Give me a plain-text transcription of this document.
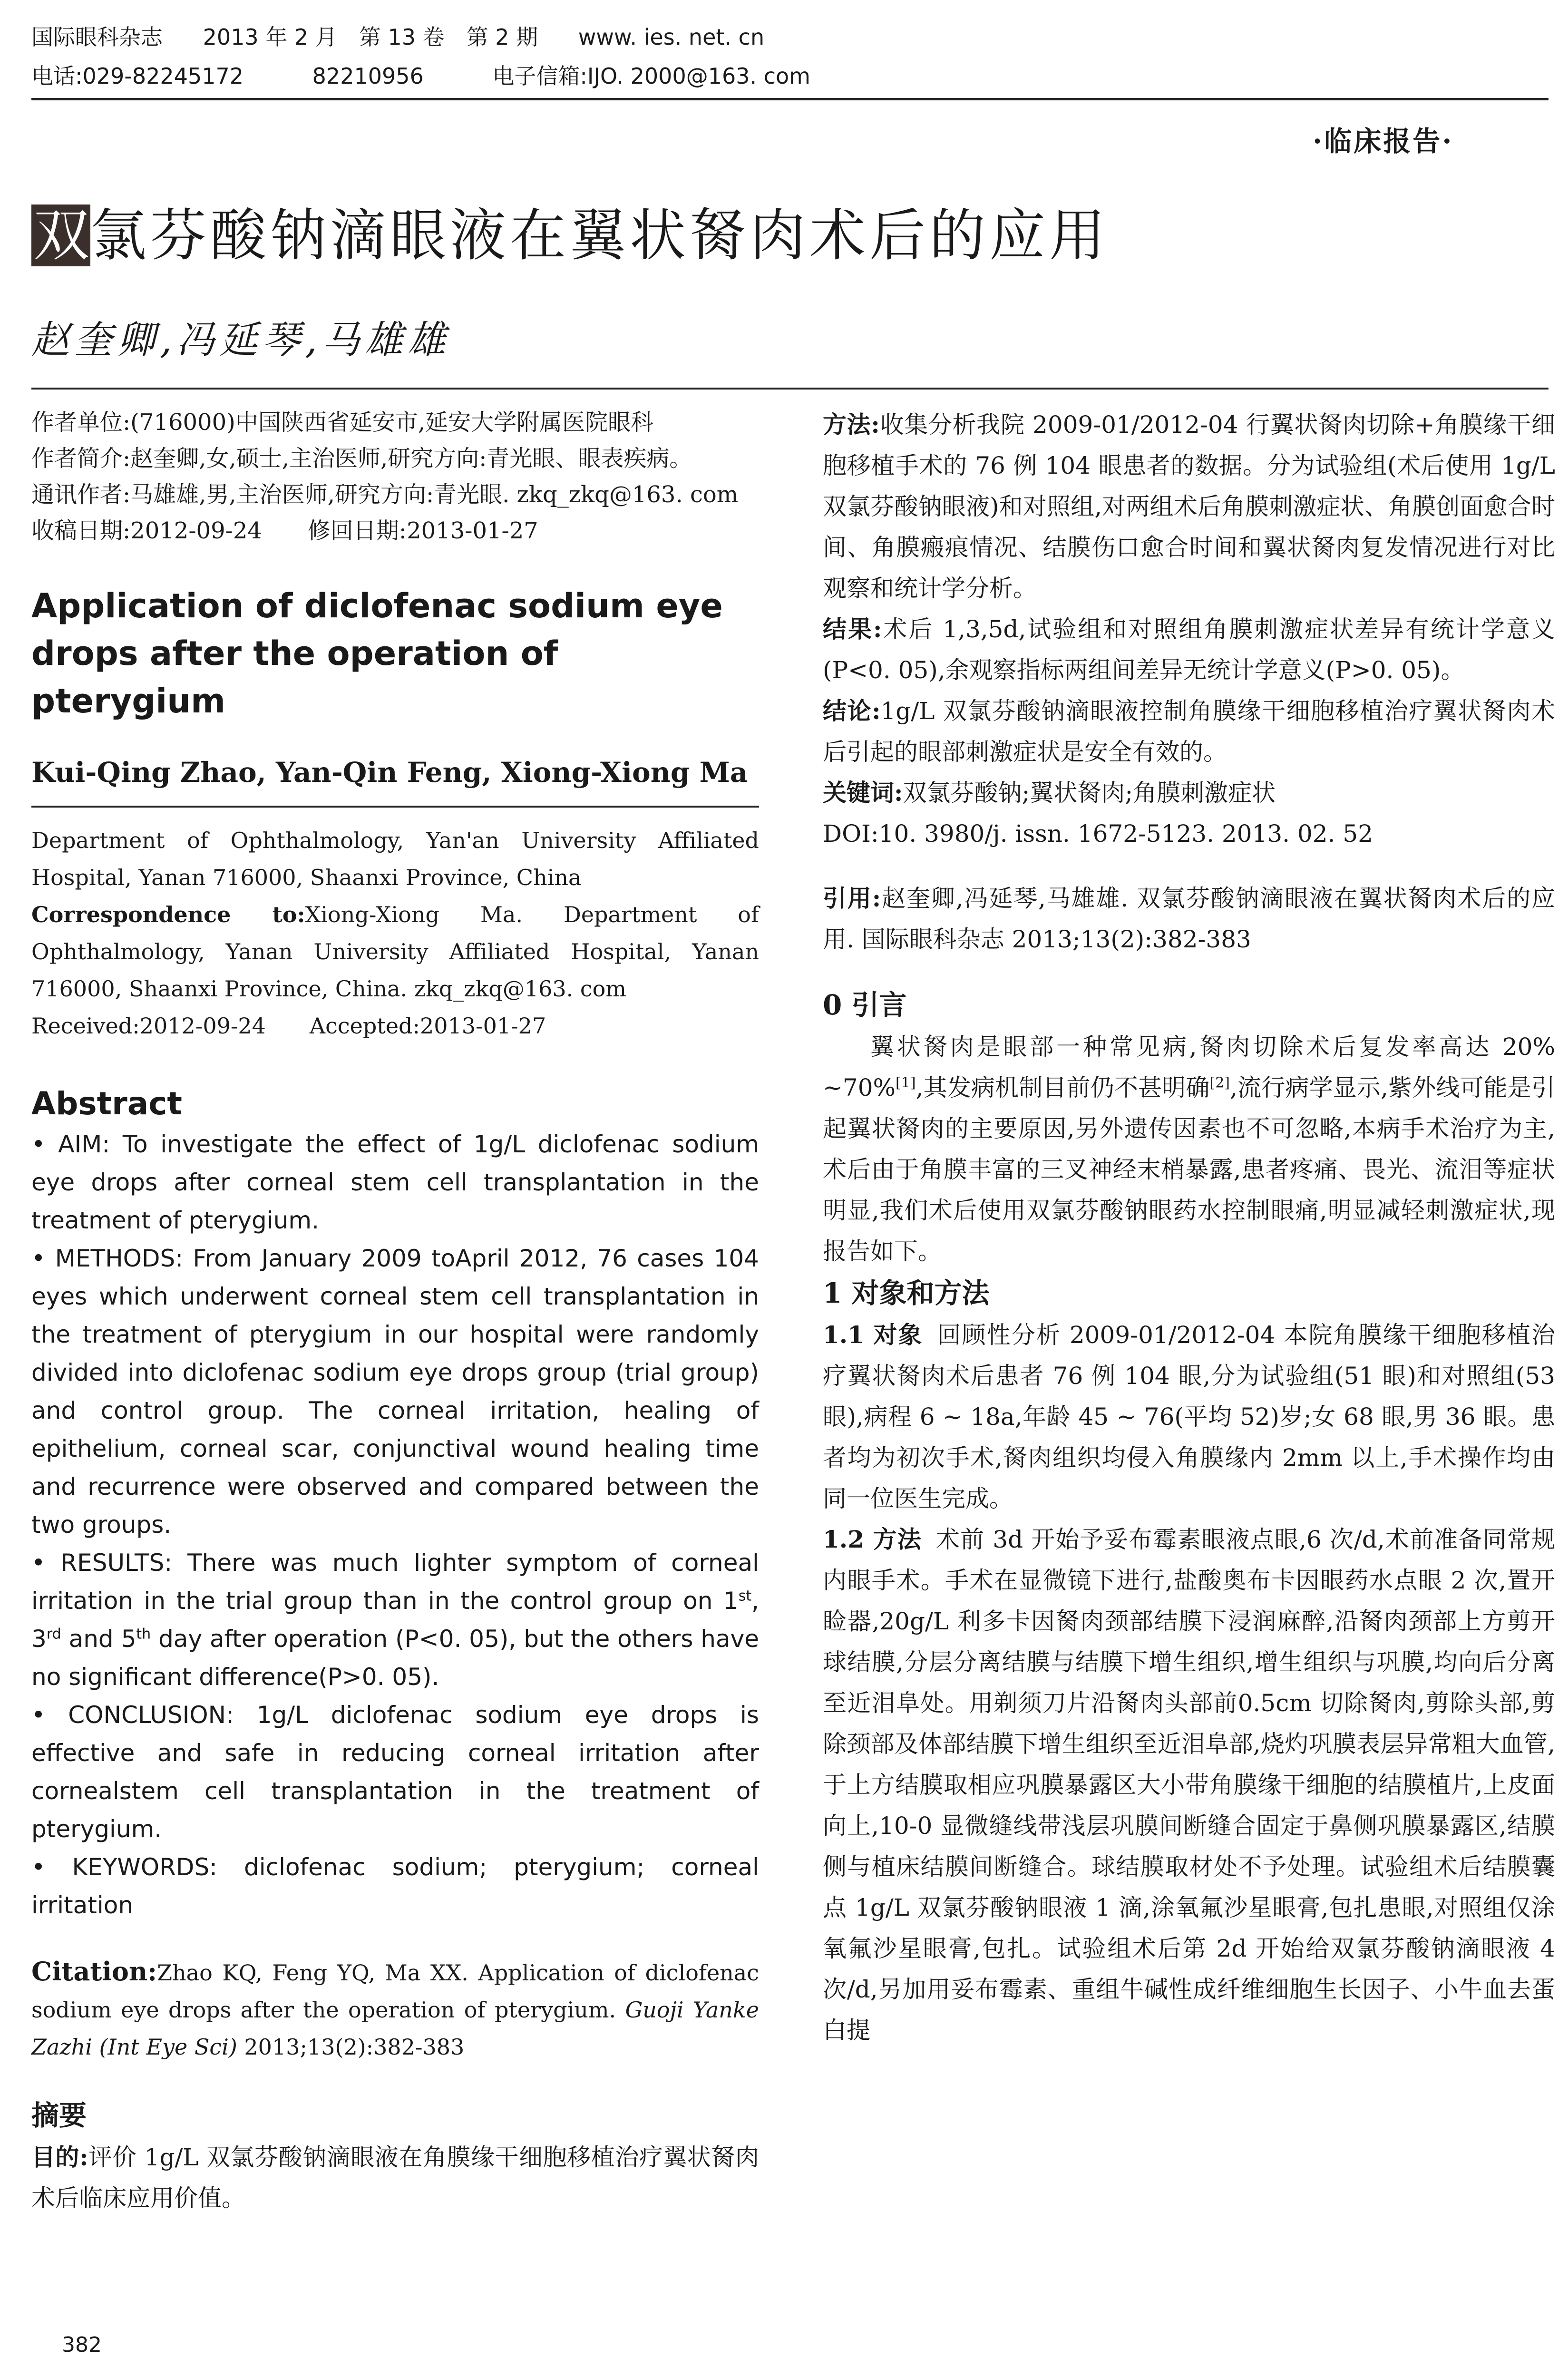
国际眼科杂志 2013 年 2 月　第 13 卷　第 2 期 www. ies. net. cn
电话:029-82245172	82210956	电子信箱:IJO. 2000@163. com
·临床报告·
双 氯芬酸钠滴眼液在翼状胬肉术后的应用
赵奎卿,冯延琴,马雄雄

作者单位:(716000)中国陕西省延安市,延安大学附属医院眼科

作者简介:赵奎卿,女,硕士,主治医师,研究方向:青光眼、眼表疾病。

通讯作者:马雄雄,男,主治医师,研究方向:青光眼. zkq_zkq@163. com

收稿日期:2012-09-24　　修回日期:2013-01-27

Application of diclofenac sodium eye drops after the operation of pterygium
Kui-Qing Zhao, Yan-Qin Feng, Xiong-Xiong Ma

Department of Ophthalmology, Yan'an University Affiliated Hospital, Yanan 716000, Shaanxi Province, China

Correspondence to:Xiong-Xiong Ma. Department of Ophthalmology, Yanan University Affiliated Hospital, Yanan 716000, Shaanxi Province, China. zkq_zkq@163. com

Received:2012-09-24　　Accepted:2013-01-27

Abstract

• AIM: To investigate the effect of 1g/L diclofenac sodium eye drops after corneal stem cell transplantation in the treatment of pterygium.

• METHODS: From January 2009 toApril 2012, 76 cases 104 eyes which underwent corneal stem cell transplantation in the treatment of pterygium in our hospital were randomly divided into diclofenac sodium eye drops group (trial group) and control group. The corneal irritation, healing of epithelium, corneal scar, conjunctival wound healing time and recurrence were observed and compared between the two groups.

• RESULTS: There was much lighter symptom of corneal irritation in the trial group than in the control group on 1st, 3rd and 5th day after operation (P<0. 05), but the others have no significant difference(P>0. 05).

• CONCLUSION: 1g/L diclofenac sodium eye drops is effective and safe in reducing corneal irritation after cornealstem cell transplantation in the treatment of pterygium.

• KEYWORDS: diclofenac sodium; pterygium; corneal irritation

Citation:Zhao KQ, Feng YQ, Ma XX. Application of diclofenac sodium eye drops after the operation of pterygium. Guoji Yanke Zazhi (Int Eye Sci) 2013;13(2):382-383

摘要

目的:评价 1g/L 双氯芬酸钠滴眼液在角膜缘干细胞移植治疗翼状胬肉术后临床应用价值。

方法:收集分析我院 2009-01/2012-04 行翼状胬肉切除+角膜缘干细胞移植手术的 76 例 104 眼患者的数据。分为试验组(术后使用 1g/L 双氯芬酸钠眼液)和对照组,对两组术后角膜刺激症状、角膜创面愈合时间、角膜瘢痕情况、结膜伤口愈合时间和翼状胬肉复发情况进行对比观察和统计学分析。

结果:术后 1,3,5d,试验组和对照组角膜刺激症状差异有统计学意义(P<0. 05),余观察指标两组间差异无统计学意义(P>0. 05)。

结论:1g/L 双氯芬酸钠滴眼液控制角膜缘干细胞移植治疗翼状胬肉术后引起的眼部刺激症状是安全有效的。

关键词:双氯芬酸钠;翼状胬肉;角膜刺激症状

DOI:10. 3980/j. issn. 1672-5123. 2013. 02. 52

引用:赵奎卿,冯延琴,马雄雄. 双氯芬酸钠滴眼液在翼状胬肉术后的应用. 国际眼科杂志 2013;13(2):382-383

0 引言

翼状胬肉是眼部一种常见病,胬肉切除术后复发率高达 20% ~70%[1],其发病机制目前仍不甚明确[2],流行病学显示,紫外线可能是引起翼状胬肉的主要原因,另外遗传因素也不可忽略,本病手术治疗为主,术后由于角膜丰富的三叉神经末梢暴露,患者疼痛、畏光、流泪等症状明显,我们术后使用双氯芬酸钠眼药水控制眼痛,明显减轻刺激症状,现报告如下。

1 对象和方法

1.1 对象 回顾性分析 2009-01/2012-04 本院角膜缘干细胞移植治疗翼状胬肉术后患者 76 例 104 眼,分为试验组(51 眼)和对照组(53 眼),病程 6 ~ 18a,年龄 45 ~ 76(平均 52)岁;女 68 眼,男 36 眼。患者均为初次手术,胬肉组织均侵入角膜缘内 2mm 以上,手术操作均由同一位医生完成。

1.2 方法 术前 3d 开始予妥布霉素眼液点眼,6 次/d,术前准备同常规内眼手术。手术在显微镜下进行,盐酸奥布卡因眼药水点眼 2 次,置开睑器,20g/L 利多卡因胬肉颈部结膜下浸润麻醉,沿胬肉颈部上方剪开球结膜,分层分离结膜与结膜下增生组织,增生组织与巩膜,均向后分离至近泪阜处。用剃须刀片沿胬肉头部前0.5cm 切除胬肉,剪除头部,剪除颈部及体部结膜下增生组织至近泪阜部,烧灼巩膜表层异常粗大血管,于上方结膜取相应巩膜暴露区大小带角膜缘干细胞的结膜植片,上皮面向上,10-0 显微缝线带浅层巩膜间断缝合固定于鼻侧巩膜暴露区,结膜侧与植床结膜间断缝合。球结膜取材处不予处理。试验组术后结膜囊点 1g/L 双氯芬酸钠眼液 1 滴,涂氧氟沙星眼膏,包扎患眼,对照组仅涂氧氟沙星眼膏,包扎。试验组术后第 2d 开始给双氯芬酸钠滴眼液 4 次/d,另加用妥布霉素、重组牛碱性成纤维细胞生长因子、小牛血去蛋白提

382
